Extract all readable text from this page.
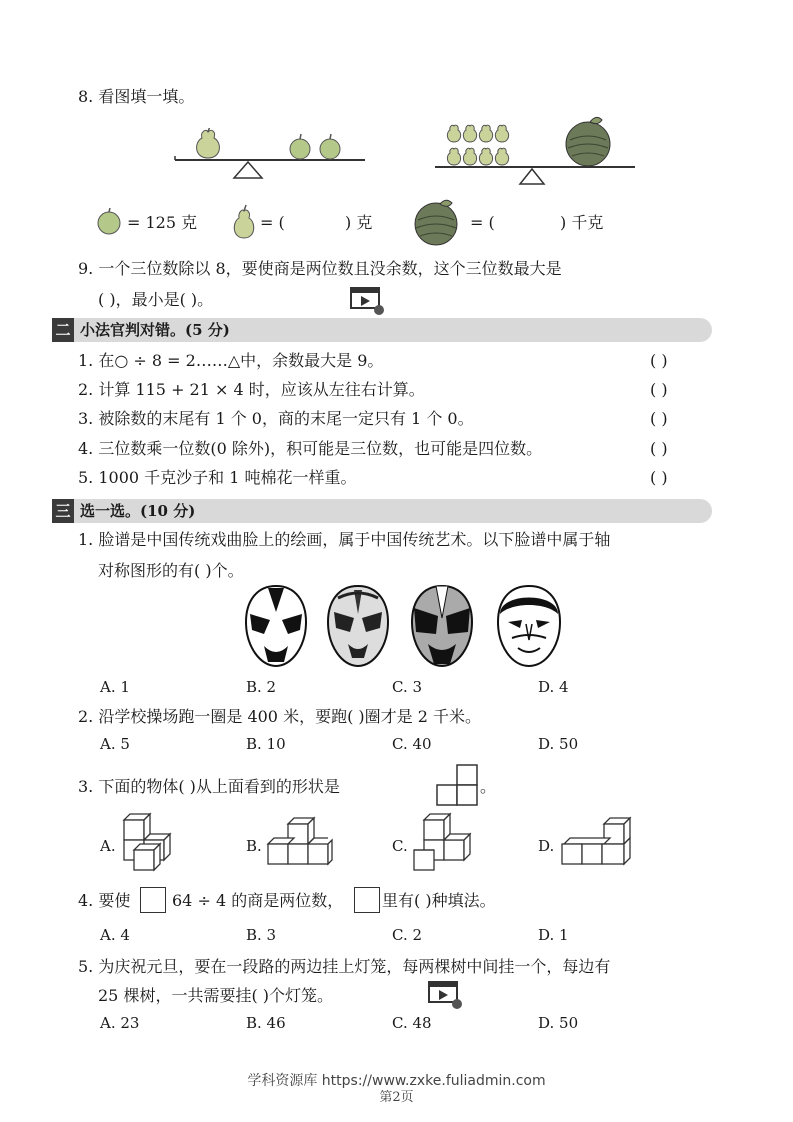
8. 看图填一填。
= 125 克	= (	) 克	= (	) 千克
9. 一个三位数除以 8，要使商是两位数且没余数，这个三位数最大是
( )，最小是( )。
二 小法官判对错。(5 分)
1. 在○ ÷ 8 = 2……△中，余数最大是 9。	( )
2. 计算 115 + 21 × 4 时，应该从左往右计算。	( )
3. 被除数的末尾有 1 个 0，商的末尾一定只有 1 个 0。	( )
4. 三位数乘一位数(0 除外)，积可能是三位数，也可能是四位数。	( )
5. 1000 千克沙子和 1 吨棉花一样重。	( )
三 选一选。(10 分)
1. 脸谱是中国传统戏曲脸上的绘画，属于中国传统艺术。以下脸谱中属于轴
对称图形的有( )个。
A. 1	B. 2	C. 3	D. 4
2. 沿学校操场跑一圈是 400 米，要跑( )圈才是 2 千米。
A. 5	B. 10	C. 40	D. 50
3. 下面的物体( )从上面看到的形状是	。
A.	B.	C.	D.
4. 要使	64 ÷ 4 的商是两位数， 里有( )种填法。
A. 4	B. 3	C. 2	D. 1
5. 为庆祝元旦，要在一段路的两边挂上灯笼，每两棵树中间挂一个，每边有
25 棵树，一共需要挂( )个灯笼。
A. 23	B. 46	C. 48	D. 50
学科资源库 https://www.zxke.fuliadmin.com
第2页
